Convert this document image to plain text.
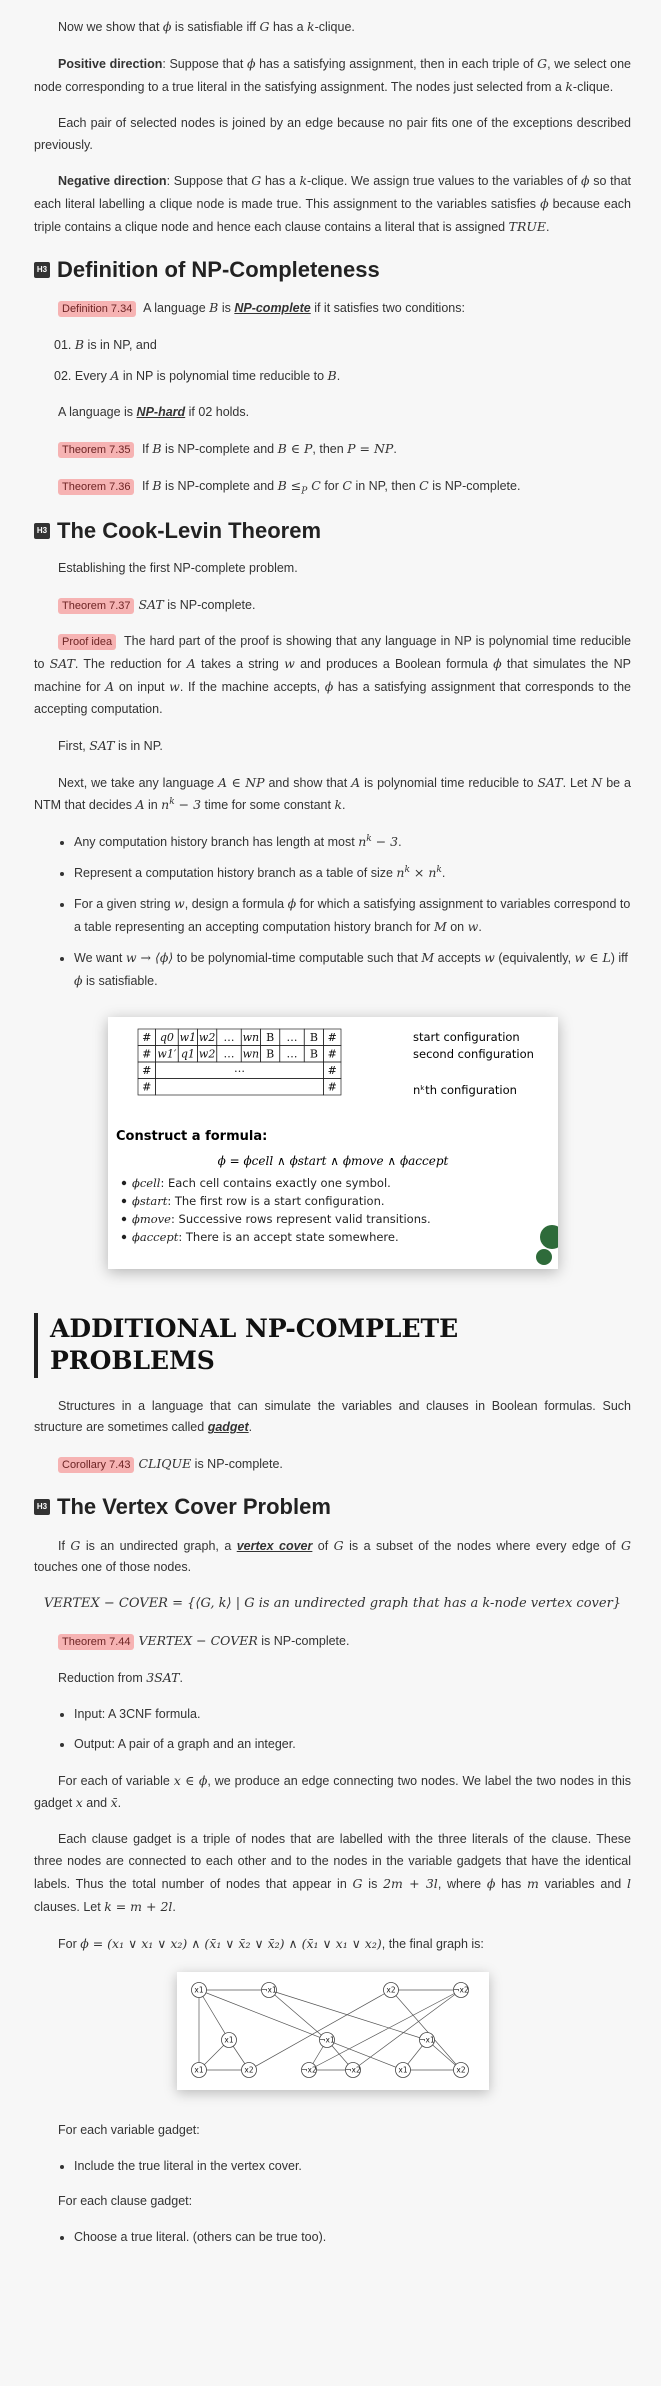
Now we show that ϕ is satisfiable iff G has a k-clique.

Positive direction: Suppose that ϕ has a satisfying assignment, then in each triple of G, we select one node corresponding to a true literal in the satisfying assignment. The nodes just selected from a k-clique.

Each pair of selected nodes is joined by an edge because no pair fits one of the exceptions described previously.

Negative direction: Suppose that G has a k-clique. We assign true values to the variables of ϕ so that each literal labelling a clique node is made true. This assignment to the variables satisfies ϕ because each triple contains a clique node and hence each clause contains a literal that is assigned TRUE.

H3 Definition of NP-Completeness

Definition 7.34 A language B is NP-complete if it satisfies two conditions:

01. B is in NP, and
02. Every A in NP is polynomial time reducible to B.

A language is NP-hard if 02 holds.

Theorem 7.35 If B is NP-complete and B ∈ P, then P = NP.

Theorem 7.36 If B is NP-complete and $B \le_P$ C for C in NP, then C is NP-complete.

H3 The Cook-Levin Theorem

Establishing the first NP-complete problem.

Theorem 7.37 SAT is NP-complete.

Proof idea The hard part of the proof is showing that any language in NP is polynomial time reducible to SAT. The reduction for A takes a string w and produces a Boolean formula ϕ that simulates the NP machine for A on input w. If the machine accepts, ϕ has a satisfying assignment that corresponds to the accepting computation.

First, SAT is in NP.

Next, we take any language A ∈ NP and show that A is polynomial time reducible to SAT. Let N be a NTM that decides A in $n^k - 3$ time for some constant k.

• Any computation history branch has length at most $n^k - 3$.
• Represent a computation history branch as a table of size $n^k \times n^k$.
• For a given string w, design a formula ϕ for which a satisfying assignment to variables correspond to a table representing an accepting computation history branch for M on w.
• We want w → ⟨ϕ⟩ to be polynomial-time computable such that M accepts w (equivalently, w ∈ L) iff ϕ is satisfiable.
# q0 w1 w2 … wn B … B #
# w1′ q1 w2 … wn B … B #
#	#
…
#	#
start configuration
second configuration
nᵏth configuration
Construct a formula:
ϕ = ϕcell ∧ ϕstart ∧ ϕmove ∧ ϕaccept
ϕcell: Each cell contains exactly one symbol.
ϕstart: The first row is a start configuration.
ϕmove: Successive rows represent valid transitions.
ϕaccept: There is an accept state somewhere.
ADDITIONAL NP-COMPLETE PROBLEMS

Structures in a language that can simulate the variables and clauses in Boolean formulas. Such structure are sometimes called gadget.

Corollary 7.43 CLIQUE is NP-complete.

H3 The Vertex Cover Problem

If G is an undirected graph, a vertex cover of G is a subset of the nodes where every edge of G touches one of those nodes.

VERTEX − COVER = {⟨G, k⟩ | G is an undirected graph that has a k-node vertex cover}

Theorem 7.44 VERTEX − COVER is NP-complete.

Reduction from 3SAT.

• Input: A 3CNF formula.
• Output: A pair of a graph and an integer.

For each of variable x ∈ ϕ, we produce an edge connecting two nodes. We label the two nodes in this gadget x and x̄.

Each clause gadget is a triple of nodes that are labelled with the three literals of the clause. These three nodes are connected to each other and to the nodes in the variable gadgets that have the identical labels. Thus the total number of nodes that appear in G is 2m + 3l, where ϕ has m variables and l clauses. Let k = m + 2l.

For ϕ = (x₁ ∨ x₁ ∨ x₂) ∧ (x̄₁ ∨ x̄₂ ∨ x̄₂) ∧ (x̄₁ ∨ x₁ ∨ x₂), the final graph is:

x1	¬x1	x2	¬x2
x1
x1	x2
¬x1
¬x2	¬x2
¬x1
x1	x2

For each variable gadget:

• Include the true literal in the vertex cover.

For each clause gadget:

• Choose a true literal. (others can be true too).
